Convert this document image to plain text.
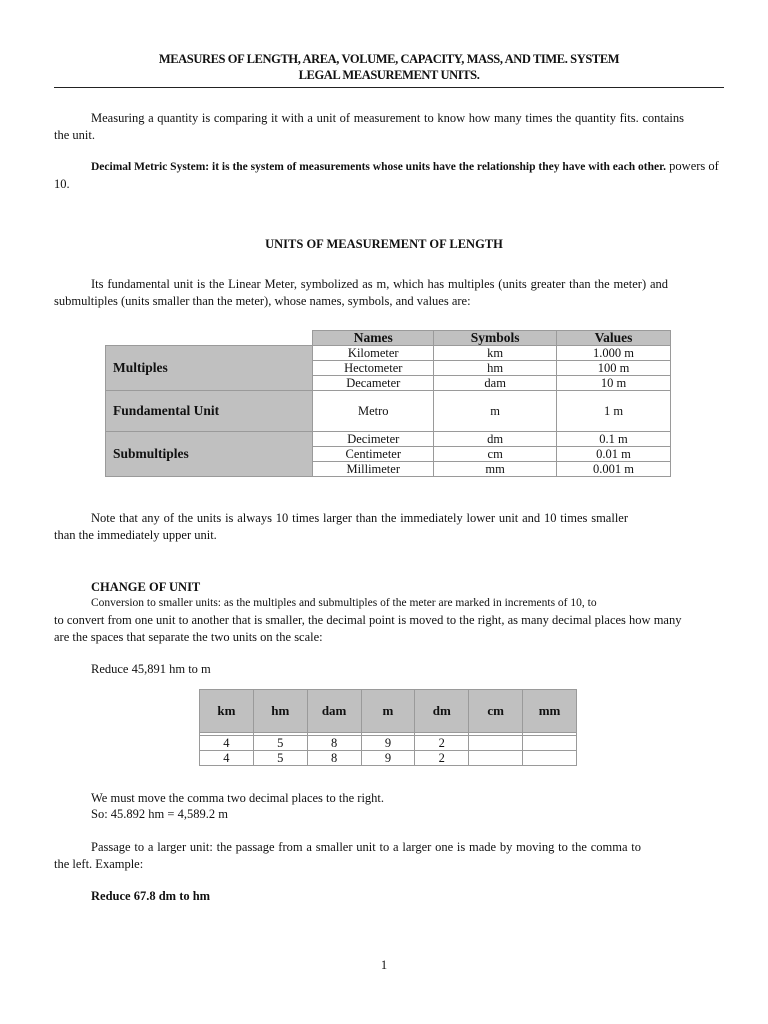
MEASURES OF LENGTH, AREA, VOLUME, CAPACITY, MASS, AND TIME. SYSTEM
LEGAL MEASUREMENT UNITS.
Measuring a quantity is comparing it with a unit of measurement to know how many times the quantity fits. contains the unit.
Decimal Metric System: it is the system of measurements whose units have the relationship they have with each other. powers of 10.
UNITS OF MEASUREMENT OF LENGTH
Its fundamental unit is the Linear Meter, symbolized as m, which has multiples (units greater than the meter) and submultiples (units smaller than the meter), whose names, symbols, and values are:
	Names	Symbols	Values
Multiples	Kilometer	km	1.000 m
	Hectometer	hm	100 m
	Decameter	dam	10 m
Fundamental Unit	Metro	m	1 m
Submultiples	Decimeter	dm	0.1 m
	Centimeter	cm	0.01 m
	Millimeter	mm	0.001 m
Note that any of the units is always 10 times larger than the immediately lower unit and 10 times smaller than the immediately upper unit.
CHANGE OF UNIT
Conversion to smaller units: as the multiples and submultiples of the meter are marked in increments of 10, to
to convert from one unit to another that is smaller, the decimal point is moved to the right, as many decimal places how many are the spaces that separate the two units on the scale:
Reduce 45,891 hm to m
km	hm	dam	m	dm	cm	mm

4	5	8	9	2		
4	5	8	9	2		
We must move the comma two decimal places to the right.
So: 45.892 hm = 4,589.2 m
Passage to a larger unit: the passage from a smaller unit to a larger one is made by moving to the comma to the left. Example:
Reduce 67.8 dm to hm
1
